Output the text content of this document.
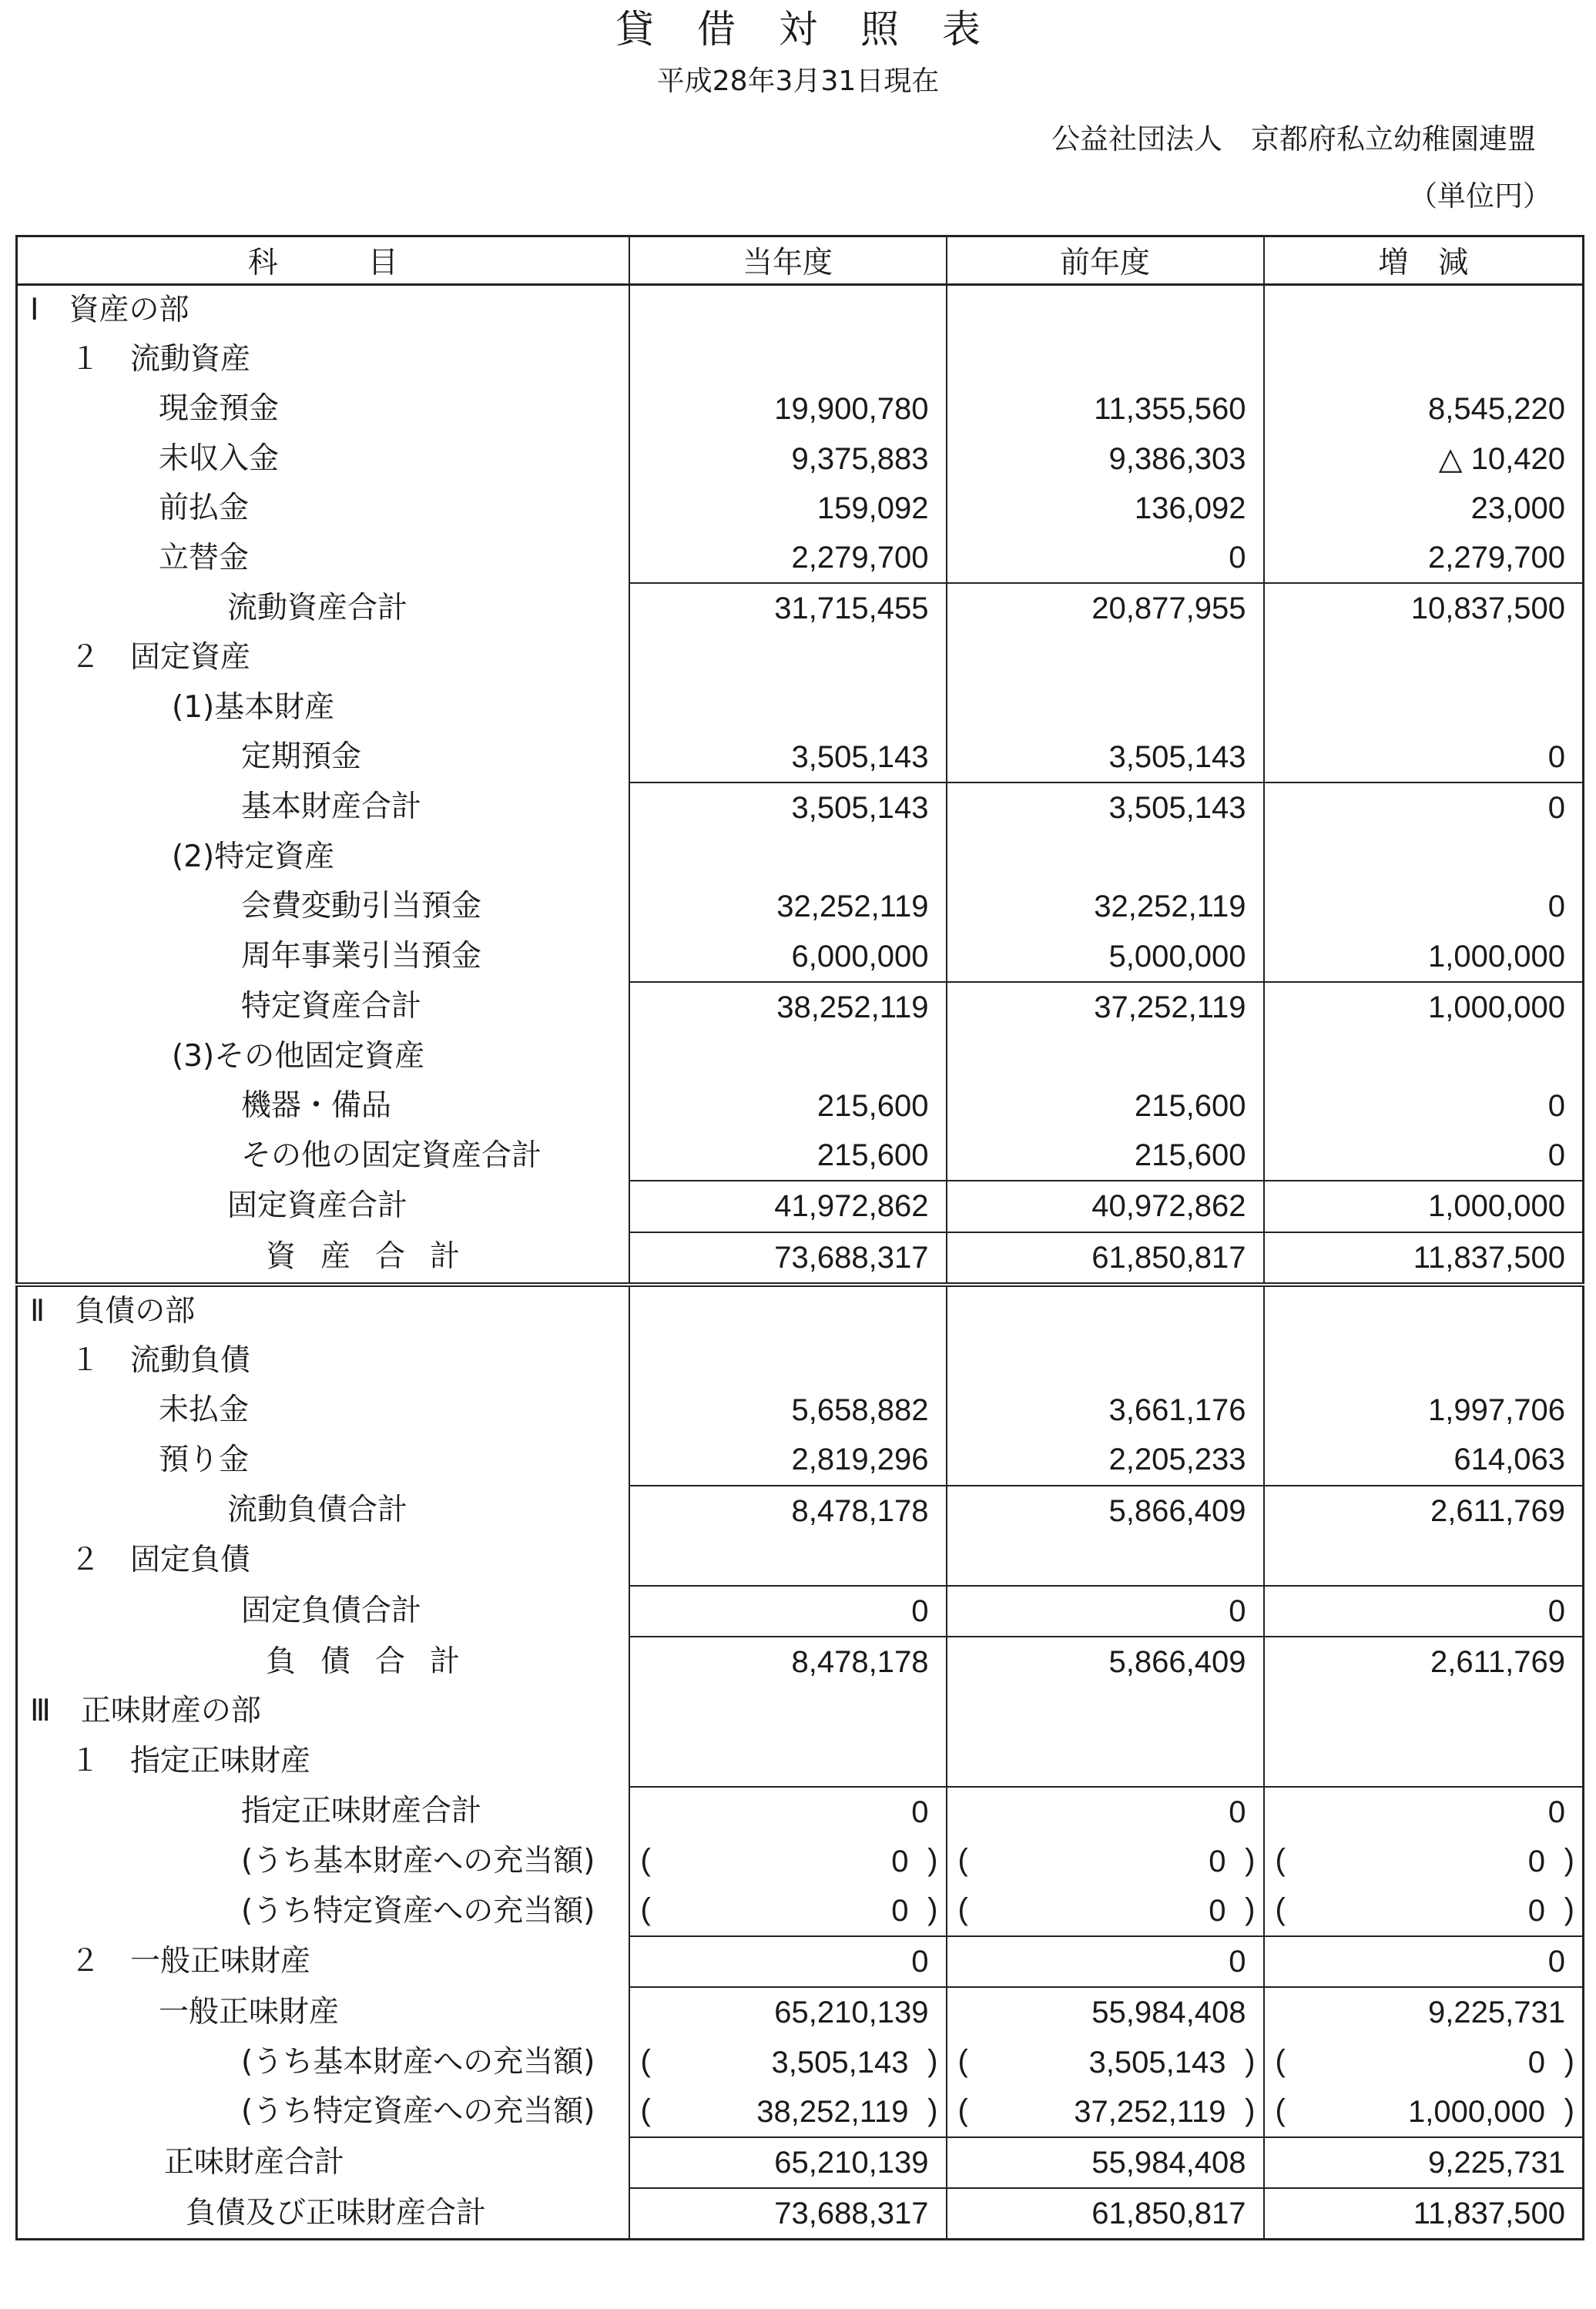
貸借対照表
平成28年3月31日現在
公益社団法人　京都府私立幼稚園連盟
（単位円）
科　　　目	当年度	前年度	増　減
Ⅰ　資産の部			
１　流動資産			
現金預金	19,900,780	11,355,560	8,545,220
未収入金	9,375,883	9,386,303	△ 10,420
前払金	159,092	136,092	23,000
立替金	2,279,700	0	2,279,700
流動資産合計	31,715,455	20,877,955	10,837,500
２　固定資産			
(1)基本財産			
定期預金	3,505,143	3,505,143	0
基本財産合計	3,505,143	3,505,143	0
(2)特定資産			
会費変動引当預金	32,252,119	32,252,119	0
周年事業引当預金	6,000,000	5,000,000	1,000,000
特定資産合計	38,252,119	37,252,119	1,000,000
(3)その他固定資産			
機器・備品	215,600	215,600	0
その他の固定資産合計	215,600	215,600	0
固定資産合計	41,972,862	40,972,862	1,000,000
資産合計	73,688,317	61,850,817	11,837,500
Ⅱ　負債の部			
１　流動負債			
未払金	5,658,882	3,661,176	1,997,706
預り金	2,819,296	2,205,233	614,063
流動負債合計	8,478,178	5,866,409	2,611,769
２　固定負債			
固定負債合計	0	0	0
負債合計	8,478,178	5,866,409	2,611,769
Ⅲ　正味財産の部			
１　指定正味財産			
指定正味財産合計	0	0	0
(うち基本財産への充当額)	( 0 )	( 0 )	( 0 )

(うち特定資産への充当額)	( 0 )	( 0 )	( 0 )

２　一般正味財産	0	0	0
一般正味財産	65,210,139	55,984,408	9,225,731
(うち基本財産への充当額)	( 3,505,143 )	( 3,505,143 )	( 0 )

(うち特定資産への充当額)	( 38,252,119 )	( 37,252,119 )	( 1,000,000 )

正味財産合計	65,210,139	55,984,408	9,225,731
負債及び正味財産合計	73,688,317	61,850,817	11,837,500
